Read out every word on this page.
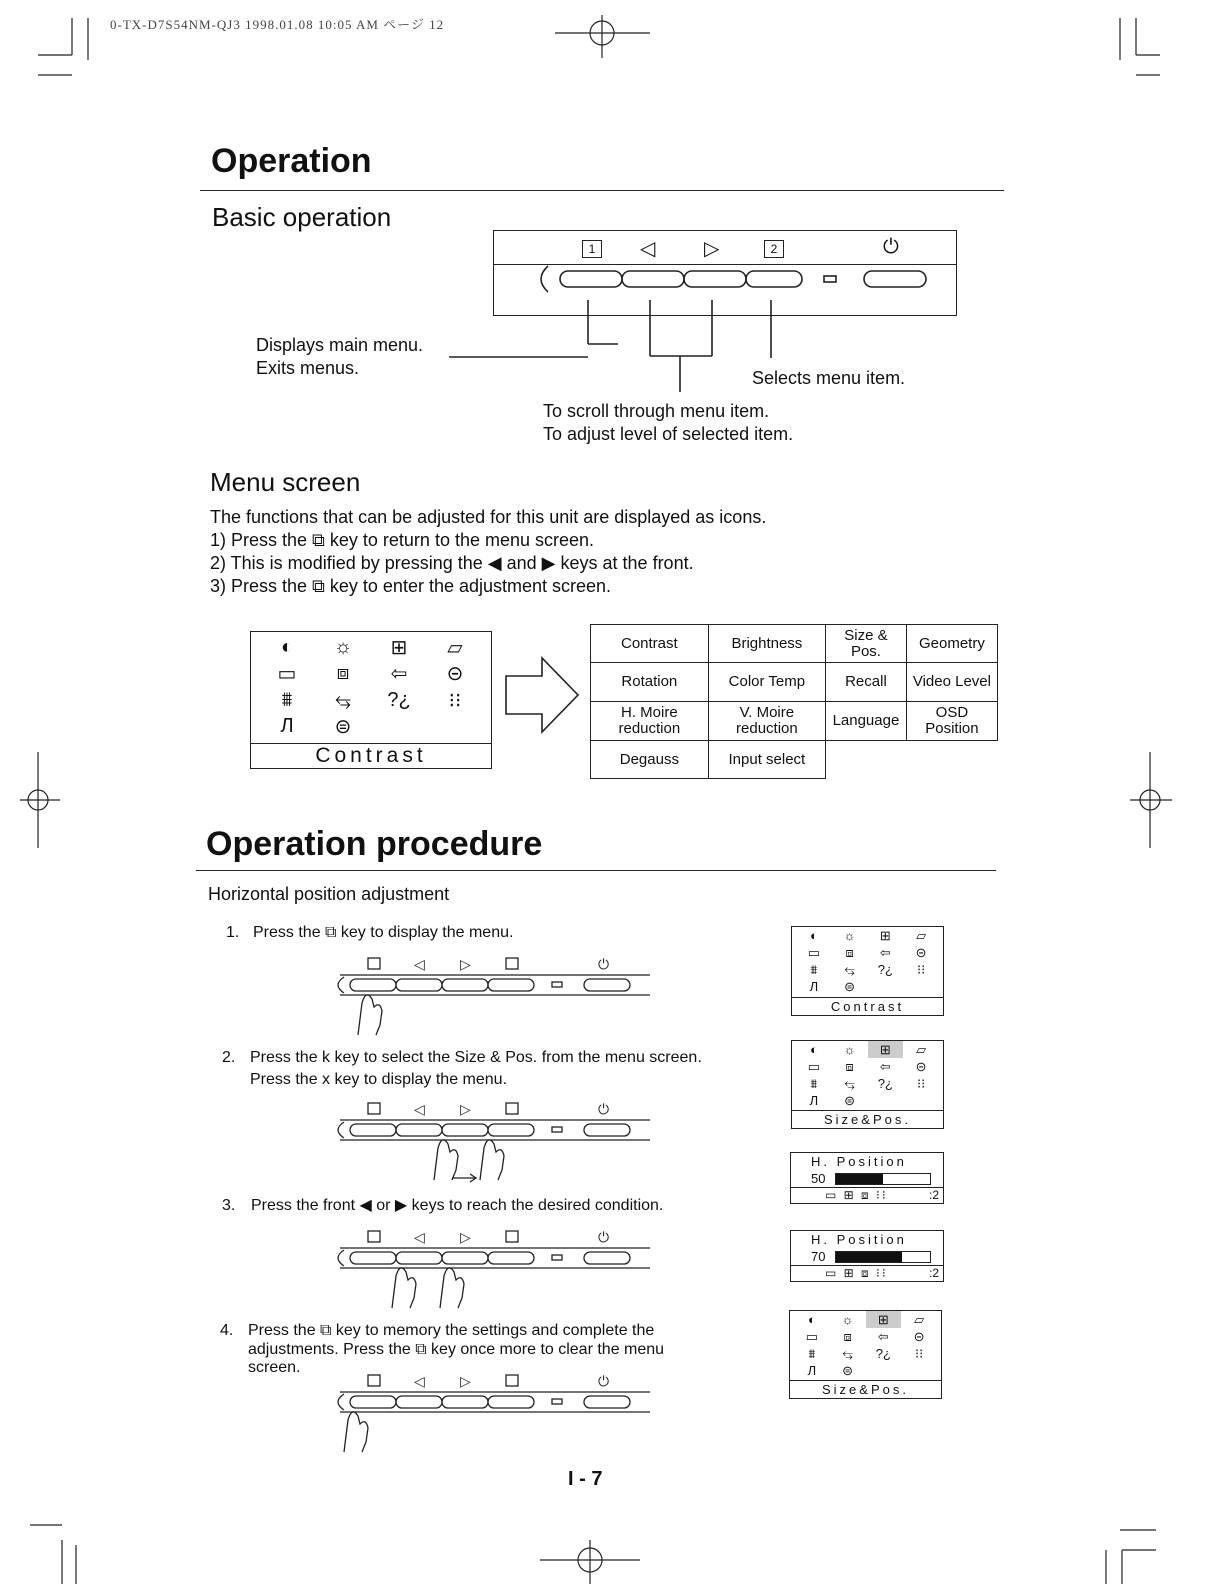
0-TX-D7S54NM-QJ3 1998.01.08 10:05 AM ページ 12
Operation
Basic operation
1	◁ ▷	2	⏻
Displays main menu.
Exits menus.	Selects menu item.
To scroll through menu item.
To adjust level of selected item.
Menu screen
The functions that can be adjusted for this unit are displayed as icons.
1) Press the ⧉ key to return to the menu screen.
2) This is modified by pressing the ◀ and ▶ keys at the front.
3) Press the ⧉ key to enter the adjustment screen.
◐	☼	⊞	▱
▭	⧈	⇦	⊝
⩩	⥃	?¿	⁝⁝
Л	⊜
Contrast
Contrast	Brightness	Size & Pos.	Geometry
Rotation	Color Temp	Recall	Video Level
H. Moire reduction	V. Moire reduction	Language	OSD Position
Degauss	Input select		
Operation procedure
Horizontal position adjustment
1. Press the ⧉ key to display the menu.
2. Press the k key to select the Size & Pos. from the menu screen.
Press the x key to display the menu.
3. Press the front ◀ or ▶ keys to reach the desired condition.
4. Press the ⧉ key to memory the settings and complete the
adjustments. Press the ⧉ key once more to clear the menu
screen.
◁	▷	⏻
◁	▷	⏻
◁	▷	⏻
◁	▷	⏻
◐	☼	⊞	▱
▭	⧈	⇦	⊝
⩩	⥃	?¿	⁝⁝
Л	⊜
Contrast
◐	☼	⊞	▱
▭	⧈	⇦	⊝
⩩	⥃	?¿	⁝⁝
Л	⊜
Size&Pos.
H. Position
50
▭ ⊞ ⧈ ⁝⁝	:2
H. Position
70
▭ ⊞ ⧈ ⁝⁝	:2
◐	☼	⊞	▱
▭	⧈	⇦	⊝
⩩	⥃	?¿	⁝⁝
Л	⊜
Size&Pos.
I - 7
